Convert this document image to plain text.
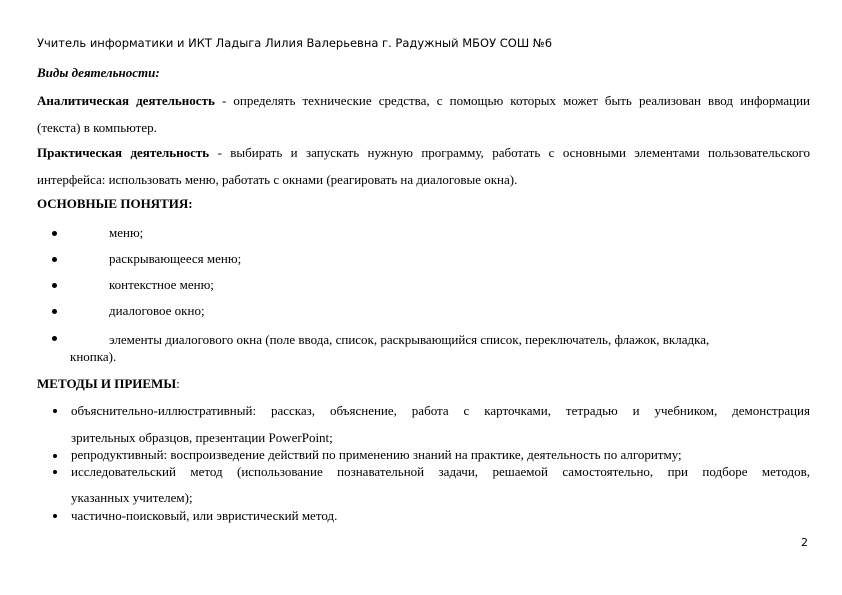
Учитель информатики и ИКТ Ладыга Лилия Валерьевна г. Радужный МБОУ СОШ №6
Виды деятельности:
Аналитическая деятельность - определять технические средства, с помощью которых может быть реализован ввод информации
(текста) в компьютер.
Практическая деятельность - выбирать и запускать нужную программу, работать с основными элементами пользовательского
интерфейса: использовать меню, работать с окнами (реагировать на диалоговые окна).
ОСНОВНЫЕ ПОНЯТИЯ:
меню;
раскрывающееся меню;
контекстное меню;
диалоговое окно;
элементы диалогового окна (поле ввода, список, раскрывающийся список, переключатель, флажок, вкладка,
кнопка).
МЕТОДЫ И ПРИЕМЫ:
объяснительно-иллюстративный: рассказ, объяснение, работа с карточками, тетрадью и учебником, демонстрация
зрительных образцов, презентации PowerPoint;
репродуктивный: воспроизведение действий по применению знаний на практике, деятельность по алгоритму;
исследовательский метод (использование познавательной задачи, решаемой самостоятельно, при подборе методов,
указанных учителем);
частично-поисковый, или эвристический метод.
2
